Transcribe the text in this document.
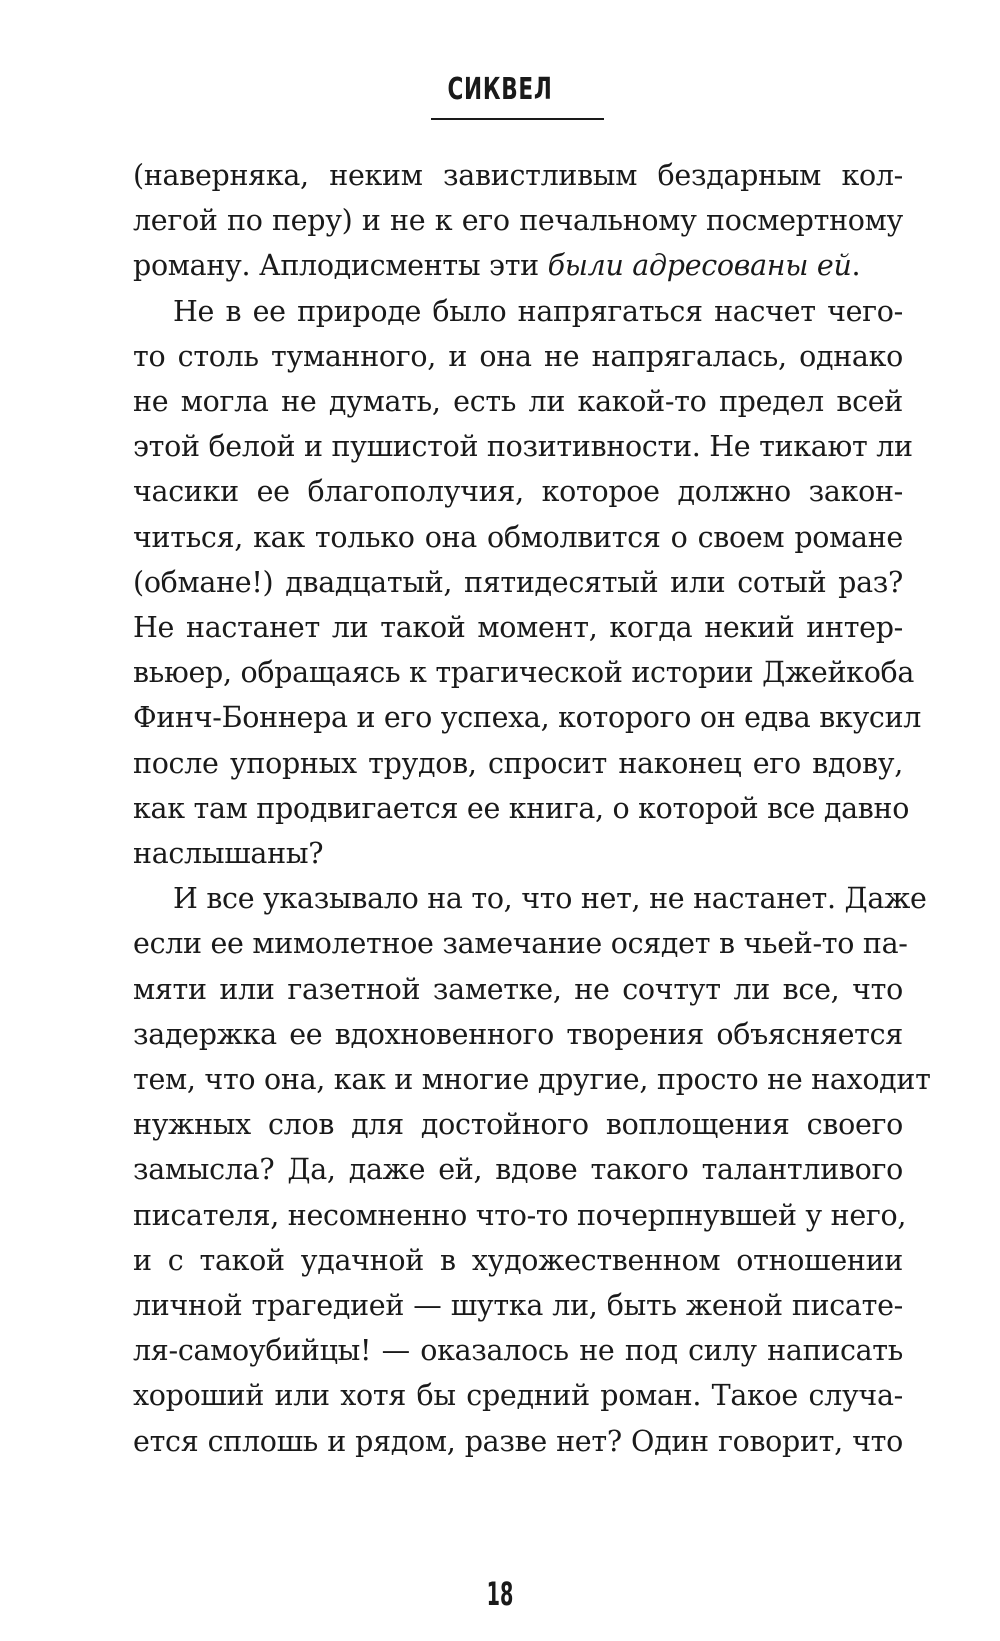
СИКВЕЛ
(наверняка, неким завистливым бездарным кол-
легой по перу) и не к его печальному посмертному
роману. Аплодисменты эти были адресованы ей.
Не в ее природе было напрягаться насчет чего-
то столь туманного, и она не напрягалась, однако
не могла не думать, есть ли какой-то предел всей
этой белой и пушистой позитивности. Не тикают ли
часики ее благополучия, которое должно закон-
читься, как только она обмолвится о своем романе
(обмане!) двадцатый, пятидесятый или сотый раз?
Не настанет ли такой момент, когда некий интер-
вьюер, обращаясь к трагической истории Джейкоба
Финч-Боннера и его успеха, которого он едва вкусил
после упорных трудов, спросит наконец его вдову,
как там продвигается ее книга, о которой все давно
наслышаны?
И все указывало на то, что нет, не настанет. Даже
если ее мимолетное замечание осядет в чьей-то па-
мяти или газетной заметке, не сочтут ли все, что
задержка ее вдохновенного творения объясняется
тем, что она, как и многие другие, просто не находит
нужных слов для достойного воплощения своего
замысла? Да, даже ей, вдове такого талантливого
писателя, несомненно что-то почерпнувшей у него,
и с такой удачной в художественном отношении
личной трагедией — шутка ли, быть женой писате-
ля-самоубийцы! — оказалось не под силу написать
хороший или хотя бы средний роман. Такое случа-
ется сплошь и рядом, разве нет? Один говорит, что
18
